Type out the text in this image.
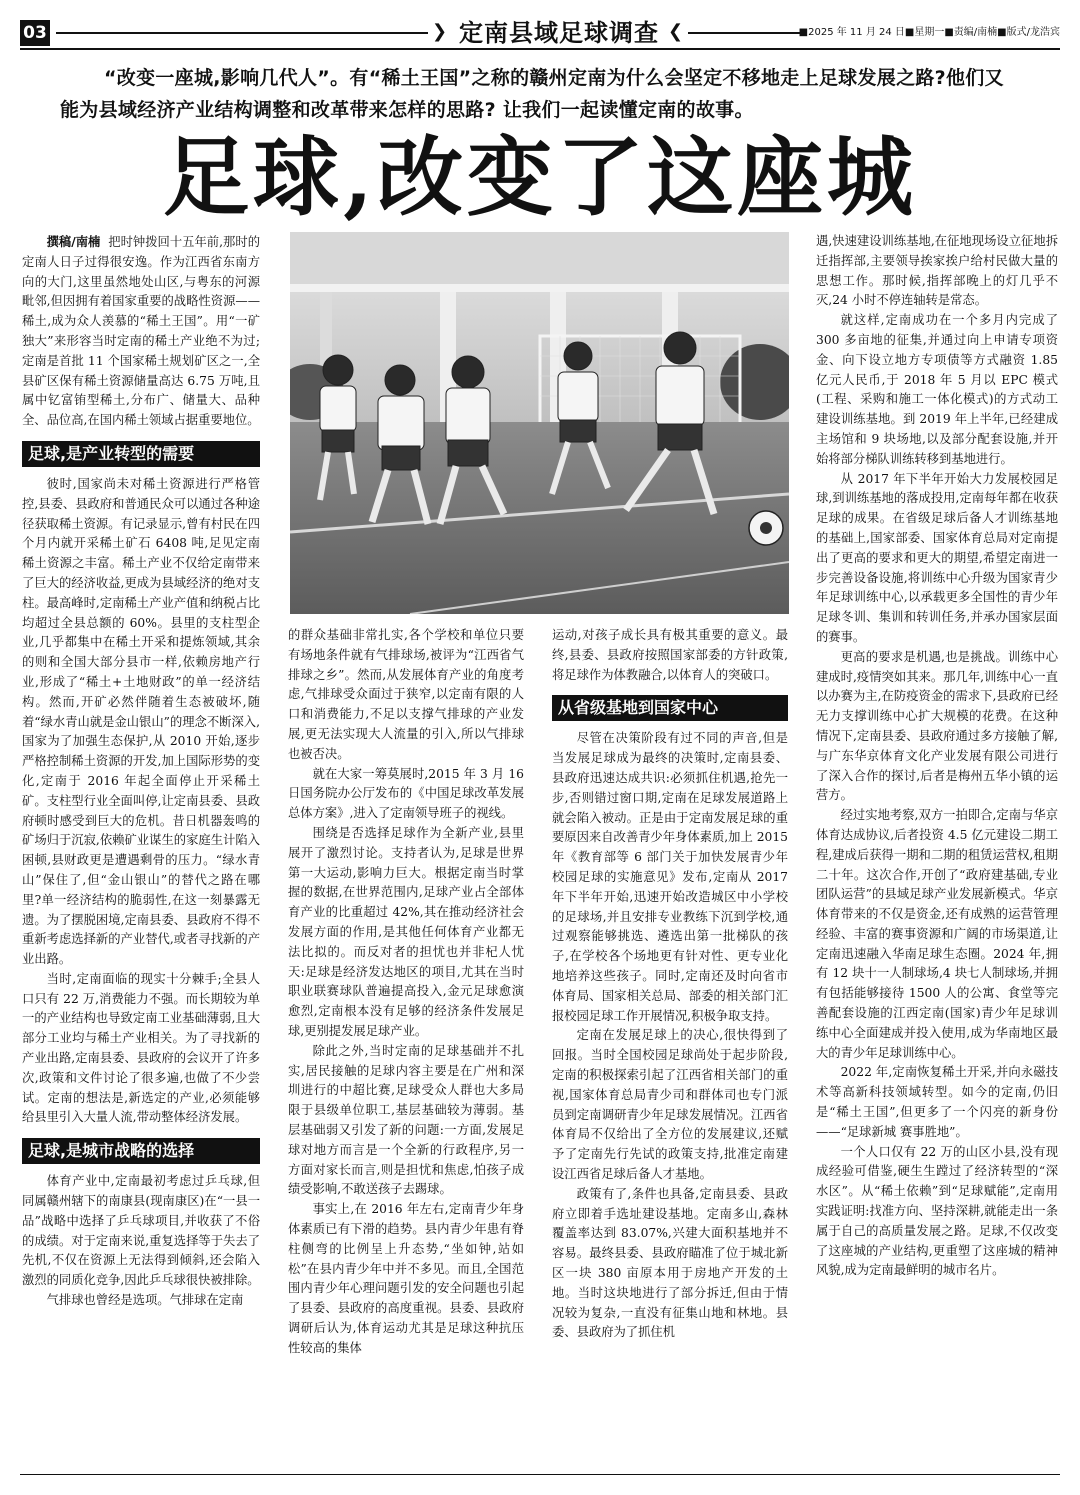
03	❯ 定南县域足球调查 ❮	■2025 年 11 月 24 日■星期一■责编/南楠■版式/龙浩宾
“改变一座城,影响几代人”。有“稀土王国”之称的赣州定南为什么会坚定不移地走上足球发展之路?他们又能为县域经济产业结构调整和改革带来怎样的思路? 让我们一起读懂定南的故事。
足球,改变了这座城

撰稿/南楠 把时钟拨回十五年前,那时的定南人日子过得很安逸。作为江西省东南方向的大门,这里虽然地处山区,与粤东的河源毗邻,但因拥有着国家重要的战略性资源——稀土,成为众人羡慕的“稀土王国”。用“一矿独大”来形容当时定南的稀土产业绝不为过;定南是首批 11 个国家稀土规划矿区之一,全县矿区保有稀土资源储量高达 6.75 万吨,且属中钇富铕型稀土,分布广、储量大、品种全、品位高,在国内稀土领域占据重要地位。

足球,是产业转型的需要

彼时,国家尚未对稀土资源进行严格管控,县委、县政府和普通民众可以通过各种途径获取稀土资源。有记录显示,曾有村民在四个月内就开采稀土矿石 6408 吨,足见定南稀土资源之丰富。稀土产业不仅给定南带来了巨大的经济收益,更成为县域经济的绝对支柱。最高峰时,定南稀土产业产值和纳税占比均超过全县总额的 60%。县里的支柱型企业,几乎都集中在稀土开采和提炼领域,其余的则和全国大部分县市一样,依赖房地产行业,形成了“稀土+土地财政”的单一经济结构。然而,开矿必然伴随着生态被破坏,随着“绿水青山就是金山银山”的理念不断深入,国家为了加强生态保护,从 2010 开始,逐步严格控制稀土资源的开发,加上国际形势的变化,定南于 2016 年起全面停止开采稀土矿。支柱型行业全面叫停,让定南县委、县政府顿时感受到巨大的危机。昔日机器轰鸣的矿场归于沉寂,依赖矿业谋生的家庭生计陷入困顿,县财政更是遭遇剩骨的压力。“绿水青山”保住了,但“金山银山”的替代之路在哪里?单一经济结构的脆弱性,在这一刻暴露无遗。为了摆脱困境,定南县委、县政府不得不重新考虑选择新的产业替代,或者寻找新的产业出路。

当时,定南面临的现实十分棘手;全县人口只有 22 万,消费能力不强。而长期较为单一的产业结构也导致定南工业基础薄弱,且大部分工业均与稀土产业相关。为了寻找新的产业出路,定南县委、县政府的会议开了许多次,政策和文件讨论了很多遍,也做了不少尝试。定南的想法是,新选定的产业,必须能够给县里引入大量人流,带动整体经济发展。

足球,是城市战略的选择

体育产业中,定南最初考虑过乒乓球,但同属赣州辖下的南康县(现南康区)在“一县一品”战略中选择了乒乓球项目,并收获了不俗的成绩。对于定南来说,重复选择等于失去了先机,不仅在资源上无法得到倾斜,还会陷入激烈的同质化竞争,因此乒乓球很快被排除。

气排球也曾经是选项。气排球在定南

的群众基础非常扎实,各个学校和单位只要有场地条件就有气排球场,被评为“江西省气排球之乡”。然而,从发展体育产业的角度考虑,气排球受众面过于狭窄,以定南有限的人口和消费能力,不足以支撑气排球的产业发展,更无法实现大人流量的引入,所以气排球也被否决。

就在大家一筹莫展时,2015 年 3 月 16 日国务院办公厅发布的《中国足球改革发展总体方案》,进入了定南领导班子的视线。

围绕是否选择足球作为全新产业,县里展开了激烈讨论。支持者认为,足球是世界第一大运动,影响力巨大。根据定南当时掌握的数据,在世界范围内,足球产业占全部体育产业的比重超过 42%,其在推动经济社会发展方面的作用,是其他任何体育产业都无法比拟的。而反对者的担忧也并非杞人忧天:足球是经济发达地区的项目,尤其在当时职业联赛球队普遍提高投入,金元足球愈演愈烈,定南根本没有足够的经济条件发展足球,更别提发展足球产业。

除此之外,当时定南的足球基础并不扎实,居民接触的足球内容主要是在广州和深圳进行的中超比赛,足球受众人群也大多局限于县级单位职工,基层基础较为薄弱。基层基础弱又引发了新的问题:一方面,发展足球对地方而言是一个全新的行政程序,另一方面对家长而言,则是担忧和焦虑,怕孩子成绩受影响,不敢送孩子去踢球。

事实上,在 2016 年左右,定南青少年身体素质已有下滑的趋势。县内青少年患有脊柱侧弯的比例呈上升态势,“坐如钟,站如松”在县内青少年中并不多见。而且,全国范围内青少年心理问题引发的安全问题也引起了县委、县政府的高度重视。县委、县政府调研后认为,体育运动尤其是足球这种抗压性较高的集体

运动,对孩子成长具有极其重要的意义。最终,县委、县政府按照国家部委的方针政策,将足球作为体教融合,以体育人的突破口。

从省级基地到国家中心

尽管在决策阶段有过不同的声音,但是当发展足球成为最终的决策时,定南县委、县政府迅速达成共识:必须抓住机遇,抢先一步,否则错过窗口期,定南在足球发展道路上就会陷入被动。正是由于定南发展足球的重要原因来自改善青少年身体素质,加上 2015 年《教育部等 6 部门关于加快发展青少年校园足球的实施意见》发布,定南从 2017 年下半年开始,迅速开始改造城区中小学校的足球场,并且安排专业教练下沉到学校,通过观察能够挑选、遴选出第一批梯队的孩子,在学校各个场地更有针对性、更专业化地培养这些孩子。同时,定南还及时向省市体育局、国家相关总局、部委的相关部门汇报校园足球工作开展情况,积极争取支持。

定南在发展足球上的决心,很快得到了回报。当时全国校园足球尚处于起步阶段,定南的积极探索引起了江西省相关部门的重视,国家体育总局青少司和群体司也专门派员到定南调研青少年足球发展情况。江西省体育局不仅给出了全方位的发展建议,还赋予了定南先行先试的政策支持,批准定南建设江西省足球后备人才基地。

政策有了,条件也具备,定南县委、县政府立即着手选址建设基地。定南多山,森林覆盖率达到 83.07%,兴建大面积基地并不容易。最终县委、县政府瞄准了位于城北新区一块 380 亩原本用于房地产开发的土地。当时这块地进行了部分拆迁,但由于情况较为复杂,一直没有征集山地和林地。县委、县政府为了抓住机

遇,快速建设训练基地,在征地现场设立征地拆迁指挥部,主要领导挨家挨户给村民做大量的思想工作。那时候,指挥部晚上的灯几乎不灭,24 小时不停连轴转是常态。

就这样,定南成功在一个多月内完成了 300 多亩地的征集,并通过向上申请专项资金、向下设立地方专项债等方式融资 1.85 亿元人民币,于 2018 年 5 月以 EPC 模式(工程、采购和施工一体化模式)的方式动工建设训练基地。到 2019 年上半年,已经建成主场馆和 9 块场地,以及部分配套设施,并开始将部分梯队训练转移到基地进行。

从 2017 年下半年开始大力发展校园足球,到训练基地的落成投用,定南每年都在收获足球的成果。在省级足球后备人才训练基地的基础上,国家部委、国家体育总局对定南提出了更高的要求和更大的期望,希望定南进一步完善设备设施,将训练中心升级为国家青少年足球训练中心,以承载更多全国性的青少年足球冬训、集训和转训任务,并承办国家层面的赛事。

更高的要求是机遇,也是挑战。训练中心建成时,疫情突如其来。那几年,训练中心一直以办赛为主,在防疫资金的需求下,县政府已经无力支撑训练中心扩大规模的花费。在这种情况下,定南县委、县政府通过多方接触了解,与广东华京体育文化产业发展有限公司进行了深入合作的探讨,后者是梅州五华小镇的运营方。

经过实地考察,双方一拍即合,定南与华京体育达成协议,后者投资 4.5 亿元建设二期工程,建成后获得一期和二期的租赁运营权,租期二十年。这次合作,开创了“政府建基础,专业团队运营”的县域足球产业发展新模式。华京体育带来的不仅是资金,还有成熟的运营管理经验、丰富的赛事资源和广阔的市场渠道,让定南迅速融入华南足球生态圈。2024 年,拥有 12 块十一人制球场,4 块七人制球场,并拥有包括能够接待 1500 人的公寓、食堂等完善配套设施的江西定南(国家)青少年足球训练中心全面建成并投入使用,成为华南地区最大的青少年足球训练中心。

2022 年,定南恢复稀土开采,并向永磁技术等高新科技领域转型。如今的定南,仍旧是“稀土王国”,但更多了一个闪亮的新身份——“足球新城 赛事胜地”。

一个人口仅有 22 万的山区小县,没有现成经验可借鉴,硬生生蹚过了经济转型的“深水区”。从“稀土依赖”到“足球赋能”,定南用实践证明:找准方向、坚持深耕,就能走出一条属于自己的高质量发展之路。足球,不仅改变了这座城的产业结构,更重塑了这座城的精神风貌,成为定南最鲜明的城市名片。
